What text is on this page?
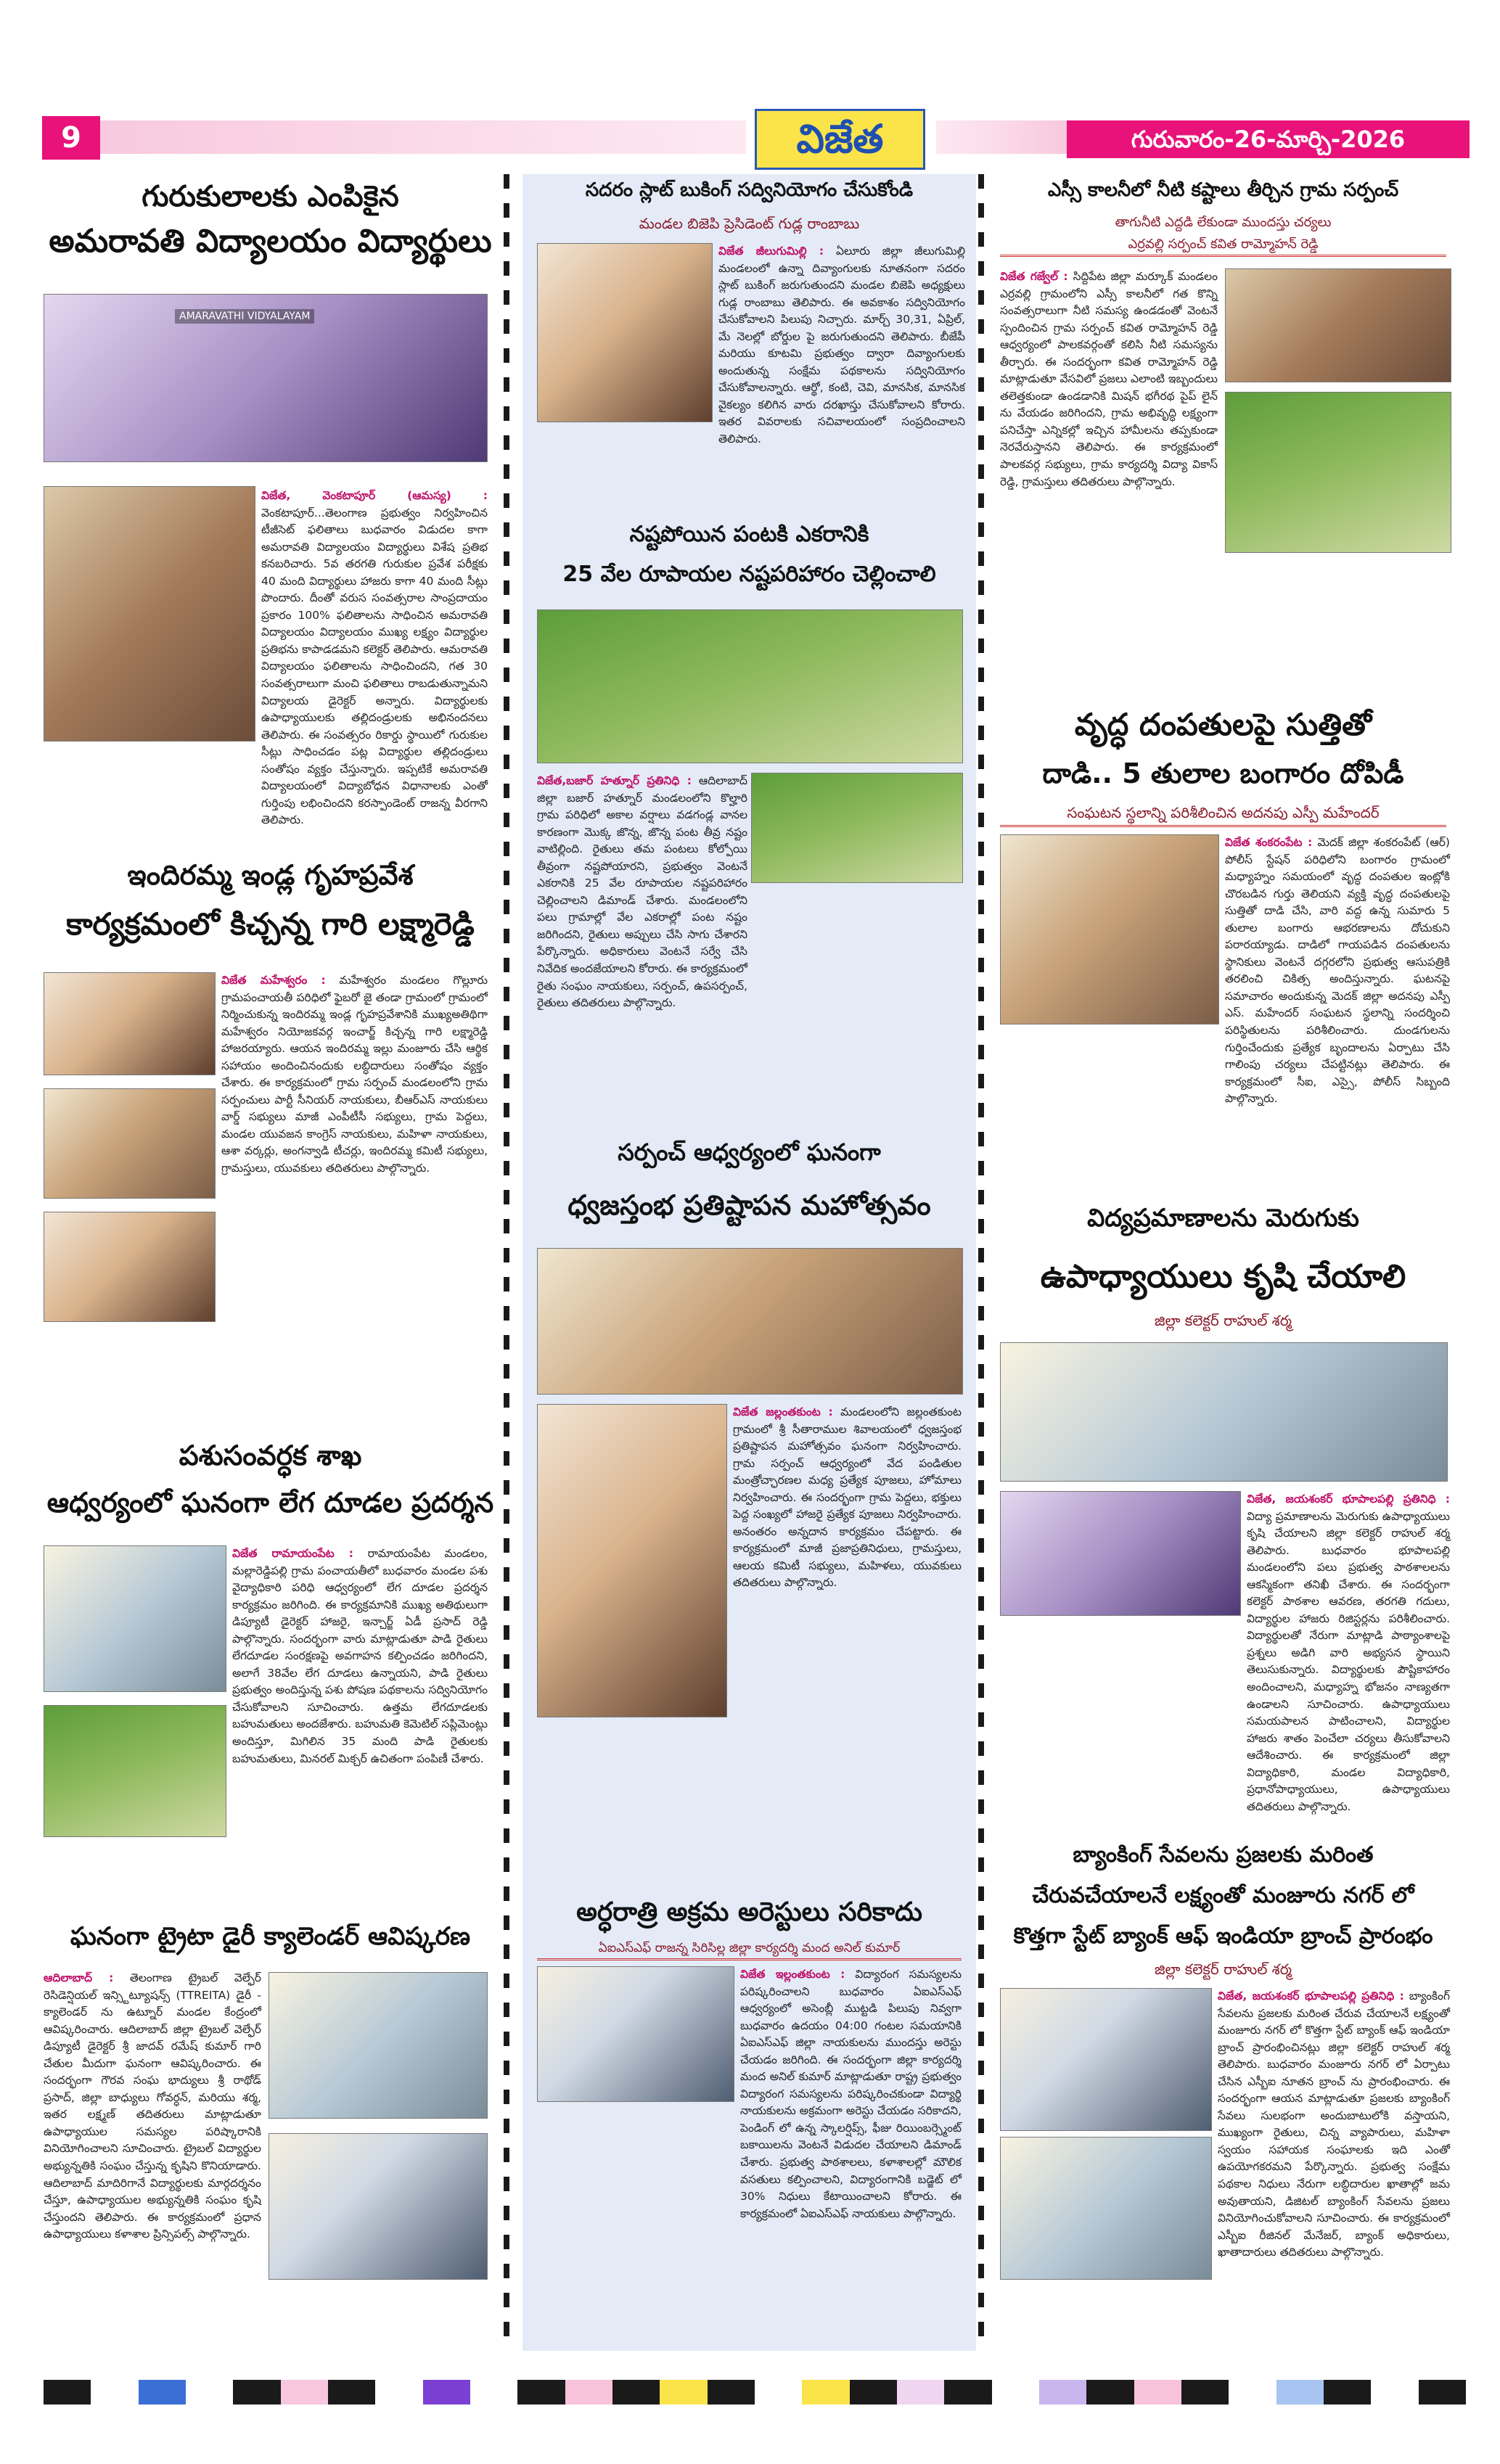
9	విజేత	గురువారం-26-మార్చి-2026
గురుకులాలకు ఎంపికైన
అమరావతి విద్యాలయం విద్యార్థులు
AMARAVATHI VIDYALAYAM
విజేత, వెంకటాపూర్ (ఆమస్య) : వెంకటాపూర్...తెలంగాణ ప్రభుత్వం నిర్వహించిన టీజీసెట్ ఫలితాలు బుధవారం విడుదల కాగా అమరావతి విద్యాలయం విద్యార్థులు విశేష ప్రతిభ కనబరిచారు. 5వ తరగతి గురుకుల ప్రవేశ పరీక్షకు 40 మంది విద్యార్థులు హాజరు కాగా 40 మంది సీట్లు పొందారు. దీంతో వరుస సంవత్సరాల సాంప్రదాయం ప్రకారం 100% ఫలితాలను సాధించిన అమరావతి విద్యాలయం విద్యాలయం ముఖ్య లక్ష్యం విద్యార్థుల ప్రతిభను కాపాడడమని కలెక్టర్ తెలిపారు. ఆమరావతి విద్యాలయం ఫలితాలను సాధించిందని, గత 30 సంవత్సరాలుగా మంచి ఫలితాలు రాబడుతున్నామని విద్యాలయ డైరెక్టర్ అన్నారు. విద్యార్థులకు ఉపాధ్యాయులకు తల్లిదండ్రులకు అభినందనలు తెలిపారు. ఈ సంవత్సరం రికార్డు స్థాయిలో గురుకుల సీట్లు సాధించడం పట్ల విద్యార్థుల తల్లిదండ్రులు సంతోషం వ్యక్తం చేస్తున్నారు. ఇప్పటికే అమరావతి విద్యాలయంలో విద్యాబోధన విధానాలకు ఎంతో గుర్తింపు లభించిందని కరస్పాండెంట్ రాజన్న వీరగాని తెలిపారు.
ఇందిరమ్మ ఇండ్ల గృహప్రవేశ
కార్యక్రమంలో కిచ్చన్న గారి లక్ష్మారెడ్డి
విజేత మహేశ్వరం : మహేశ్వరం మండలం గొల్లూరు గ్రామపంచాయతీ పరిధిలో ఫైబరో జై తండా గ్రామంలో గ్రామంలో నిర్మించుకున్న ఇందిరమ్మ ఇండ్ల గృహప్రవేశానికి ముఖ్యఅతిథిగా మహేశ్వరం నియోజకవర్గ ఇంచార్జ్ కిచ్చన్న గారి లక్ష్మారెడ్డి హాజరయ్యారు. ఆయన ఇందిరమ్మ ఇల్లు మంజూరు చేసి ఆర్థిక సహాయం అందించినందుకు లబ్ధిదారులు సంతోషం వ్యక్తం చేశారు. ఈ కార్యక్రమంలో గ్రామ సర్పంచ్ మండలంలోని గ్రామ సర్పంచులు పార్టీ సీనియర్ నాయకులు, బీఆర్ఎస్ నాయకులు వార్డ్ సభ్యులు మాజీ ఎంపీటీసీ సభ్యులు, గ్రామ పెద్దలు, మండల యువజన కాంగ్రెస్ నాయకులు, మహిళా నాయకులు, ఆశా వర్కర్లు, అంగన్వాడి టీచర్లు, ఇందిరమ్మ కమిటీ సభ్యులు, గ్రామస్తులు, యువకులు తదితరులు పాల్గొన్నారు.
పశుసంవర్ధక శాఖ
ఆధ్వర్యంలో ఘనంగా లేగ దూడల ప్రదర్శన
విజేత రామాయంపేట : రామాయంపేట మండలం, మల్లారెడ్డిపల్లి గ్రామ పంచాయతీలో బుధవారం మండల పశు వైద్యాధికారి పరిధి ఆధ్వర్యంలో లేగ దూడల ప్రదర్శన కార్యక్రమం జరిగింది. ఈ కార్యక్రమానికి ముఖ్య అతిథులుగా డిప్యూటీ డైరెక్టర్ హాజరై, ఇన్చార్జ్ ఏడీ ప్రసాద్ రెడ్డి పాల్గొన్నారు. సందర్భంగా వారు మాట్లాడుతూ పాడి రైతులు లేగదూడల సంరక్షణపై అవగాహన కల్పించడం జరిగిందని, అలాగే 38వేల లేగ దూడలు ఉన్నాయని, పాడి రైతులు ప్రభుత్వం అందిస్తున్న పశు పోషణ పథకాలను సద్వినియోగం చేసుకోవాలని సూచించారు. ఉత్తమ లేగదూడలకు బహుమతులు అందజేశారు. బహుమతి కెమెటిల్ సప్లిమెంట్లు అందిస్తూ, మిగిలిన 35 మంది పాడి రైతులకు బహుమతులు, మినరల్ మిక్చర్ ఉచితంగా పంపిణీ చేశారు.
ఘనంగా ట్రైటా డైరీ క్యాలెండర్ ఆవిష్కరణ
ఆదిలాబాద్ : తెలంగాణ ట్రైబల్ వెల్ఫేర్ రెసిడెన్షియల్ ఇన్స్టిట్యూషన్స్ (TTREITA) డైరీ - క్యాలెండర్ ను ఉట్నూర్ మండల కేంద్రంలో ఆవిష్కరించారు. ఆదిలాబాద్ జిల్లా ట్రైబల్ వెల్ఫేర్ డిప్యూటీ డైరెక్టర్ శ్రీ జాదవ్ రమేష్ కుమార్ గారి చేతుల మీదుగా ఘనంగా ఆవిష్కరించారు. ఈ సందర్భంగా గౌరవ సంఘ భాద్యులు శ్రీ రాథోడ్ ప్రసాద్, జిల్లా బాధ్యులు గోవర్ధన్, మరియు శర్మ, ఇతర లక్ష్మణ్ తదితరులు మాట్లాడుతూ ఉపాధ్యాయుల సమస్యల పరిష్కారానికి వినియోగించాలని సూచించారు. ట్రైబల్ విద్యార్థుల అభ్యున్నతికి సంఘం చేస్తున్న కృషిని కొనియాడారు. ఆదిలాబాద్ మాదిరిగానే విద్యార్థులకు మార్గదర్శనం చేస్తూ, ఉపాధ్యాయుల అభ్యున్నతికి సంఘం కృషి చేస్తుందని తెలిపారు. ఈ కార్యక్రమంలో ప్రధాన ఉపాధ్యాయులు కళాశాల ప్రిన్సిపల్స్ పాల్గొన్నారు.
సదరం స్లాట్ బుకింగ్ సద్వినియోగం చేసుకోండి
మండల బిజెపి ప్రెసిడెంట్ గుడ్ల రాంబాబు
విజేత జీలుగుమిల్లి : ఏలూరు జిల్లా జీలుగుమిల్లి మండలంలో ఉన్నా దివ్యాంగులకు నూతనంగా సదరం స్లాట్ బుకింగ్ జరుగుతుందని మండల బిజెపి అధ్యక్షులు గుడ్ల రాంబాబు తెలిపారు. ఈ అవకాశం సద్వినియోగం చేసుకోవాలని పిలుపు నిచ్చారు. మార్చ్ 30,31, ఏప్రిల్, మే నెలల్లో బోర్డుల పై జరుగుతుందని తెలిపారు. బీజేపీ మరియు కూటమి ప్రభుత్వం ద్వారా దివ్యాంగులకు అందుతున్న సంక్షేమ పథకాలను సద్వినియోగం చేసుకోవాలన్నారు. ఆర్థో, కంటి, చెవి, మానసిక, మానసిక వైకల్యం కలిగిన వారు దరఖాస్తు చేసుకోవాలని కోరారు. ఇతర వివరాలకు సచివాలయంలో సంప్రదించాలని తెలిపారు.
నష్టపోయిన పంటకి ఎకరానికి
25 వేల రూపాయల నష్టపరిహారం చెల్లించాలి
విజేత,బజార్ హత్నూర్ ప్రతినిధి : ఆదిలాబాద్ జిల్లా బజార్ హత్నూర్ మండలంలోని కొల్హారి గ్రామ పరిధిలో అకాల వర్షాలు వడగండ్ల వానల కారణంగా మొక్క జొన్న, జొన్న పంట తీవ్ర నష్టం వాటిల్లింది. రైతులు తమ పంటలు కోల్పోయి తీవ్రంగా నష్టపోయారని, ప్రభుత్వం వెంటనే ఎకరానికి 25 వేల రూపాయల నష్టపరిహారం చెల్లించాలని డిమాండ్ చేశారు. మండలంలోని పలు గ్రామాల్లో వేల ఎకరాల్లో పంట నష్టం జరిగిందని, రైతులు అప్పులు చేసి సాగు చేశారని పేర్కొన్నారు. అధికారులు వెంటనే సర్వే చేసి నివేదిక అందజేయాలని కోరారు. ఈ కార్యక్రమంలో రైతు సంఘం నాయకులు, సర్పంచ్, ఉపసర్పంచ్, రైతులు తదితరులు పాల్గొన్నారు.
సర్పంచ్ ఆధ్వర్యంలో ఘనంగా
ధ్వజస్తంభ ప్రతిష్టాపన మహోత్సవం
విజేత జల్లంతకుంట : మండలంలోని జల్లంతకుంట గ్రామంలో శ్రీ సీతారాముల శివాలయంలో ధ్వజస్తంభ ప్రతిష్టాపన మహోత్సవం ఘనంగా నిర్వహించారు. గ్రామ సర్పంచ్ ఆధ్వర్యంలో వేద పండితుల మంత్రోచ్ఛారణల మధ్య ప్రత్యేక పూజలు, హోమాలు నిర్వహించారు. ఈ సందర్భంగా గ్రామ పెద్దలు, భక్తులు పెద్ద సంఖ్యలో హాజరై ప్రత్యేక పూజలు నిర్వహించారు. అనంతరం అన్నదాన కార్యక్రమం చేపట్టారు. ఈ కార్యక్రమంలో మాజీ ప్రజాప్రతినిధులు, గ్రామస్తులు, ఆలయ కమిటీ సభ్యులు, మహిళలు, యువకులు తదితరులు పాల్గొన్నారు.
అర్ధరాత్రి అక్రమ అరెస్టులు సరికాదు
ఏఐఎస్ఎఫ్ రాజన్న సిరిసిల్ల జిల్లా కార్యదర్శి మంద అనిల్ కుమార్
విజేత ఇల్లంతకుంట : విద్యారంగ సమస్యలను పరిష్కరించాలని బుధవారం ఏఐఎస్ఎఫ్ ఆధ్వర్యంలో అసెంబ్లీ ముట్టడి పిలుపు నివ్వగా బుధవారం ఉదయం 04:00 గంటల సమయానికి ఏఐఎస్ఎఫ్ జిల్లా నాయకులను ముందస్తు అరెస్టు చేయడం జరిగింది. ఈ సందర్భంగా జిల్లా కార్యదర్శి మంద అనిల్ కుమార్ మాట్లాడుతూ రాష్ట్ర ప్రభుత్వం విద్యారంగ సమస్యలను పరిష్కరించకుండా విద్యార్థి నాయకులను అక్రమంగా అరెస్టు చేయడం సరికాదని, పెండింగ్ లో ఉన్న స్కాలర్షిప్స్, ఫీజు రియింబర్స్మెంట్ బకాయిలను వెంటనే విడుదల చేయాలని డిమాండ్ చేశారు. ప్రభుత్వ పాఠశాలలు, కళాశాలల్లో మౌలిక వసతులు కల్పించాలని, విద్యారంగానికి బడ్జెట్ లో 30% నిధులు కేటాయించాలని కోరారు. ఈ కార్యక్రమంలో ఏఐఎస్ఎఫ్ నాయకులు పాల్గొన్నారు.
ఎస్సీ కాలనీలో నీటి కష్టాలు తీర్చిన గ్రామ సర్పంచ్
తాగునీటి ఎద్దడి లేకుండా ముందస్తు చర్యలు
ఎర్రవల్లి సర్పంచ్ కవిత రామ్మోహన్ రెడ్డి
విజేత గజ్వేల్ : సిద్దిపేట జిల్లా మర్కూక్ మండలం ఎర్రవల్లి గ్రామంలోని ఎస్సీ కాలనీలో గత కొన్ని సంవత్సరాలుగా నీటి సమస్య ఉండడంతో వెంటనే స్పందించిన గ్రామ సర్పంచ్ కవిత రామ్మోహన్ రెడ్డి ఆధ్వర్యంలో పాలకవర్గంతో కలిసి నీటి సమస్యను తీర్చారు. ఈ సందర్భంగా కవిత రామ్మోహన్ రెడ్డి మాట్లాడుతూ వేసవిలో ప్రజలు ఎలాంటి ఇబ్బందులు తలెత్తకుండా ఉండడానికి మిషన్ భగీరథ పైప్ లైన్ ను వేయడం జరిగిందని, గ్రామ అభివృద్ధి లక్ష్యంగా పనిచేస్తా ఎన్నికల్లో ఇచ్చిన హామీలను తప్పకుండా నెరవేరుస్తానని తెలిపారు. ఈ కార్యక్రమంలో పాలకవర్గ సభ్యులు, గ్రామ కార్యదర్శి విద్యా వికాస్ రెడ్డి, గ్రామస్తులు తదితరులు పాల్గొన్నారు.
వృద్ధ దంపతులపై సుత్తితో
దాడి.. 5 తులాల బంగారం దోపిడీ
సంఘటన స్థలాన్ని పరిశీలించిన అదనపు ఎస్పీ మహేందర్
విజేత శంకరంపేట : మెదక్ జిల్లా శంకరంపేట్ (ఆర్) పోలీస్ స్టేషన్ పరిధిలోని బంగారం గ్రామంలో మధ్యాహ్నం సమయంలో వృద్ధ దంపతుల ఇంట్లోకి చొరబడిన గుర్తు తెలియని వ్యక్తి వృద్ధ దంపతులపై సుత్తితో దాడి చేసి, వారి వద్ద ఉన్న సుమారు 5 తులాల బంగారు ఆభరణాలను దోచుకుని పరారయ్యాడు. దాడిలో గాయపడిన దంపతులను స్థానికులు వెంటనే దగ్గరలోని ప్రభుత్వ ఆసుపత్రికి తరలించి చికిత్స అందిస్తున్నారు. ఘటనపై సమాచారం అందుకున్న మెదక్ జిల్లా అదనపు ఎస్పీ ఎస్. మహేందర్ సంఘటన స్థలాన్ని సందర్శించి పరిస్థితులను పరిశీలించారు. దుండగులను గుర్తించేందుకు ప్రత్యేక బృందాలను ఏర్పాటు చేసి గాలింపు చర్యలు చేపట్టినట్లు తెలిపారు. ఈ కార్యక్రమంలో సీఐ, ఎస్సై, పోలీస్ సిబ్బంది పాల్గొన్నారు.
విద్యప్రమాణాలను మెరుగుకు
ఉపాధ్యాయులు కృషి చేయాలి
జిల్లా కలెక్టర్ రాహుల్ శర్మ
విజేత, జయశంకర్ భూపాలపల్లి ప్రతినిధి : విద్యా ప్రమాణాలను మెరుగుకు ఉపాధ్యాయులు కృషి చేయాలని జిల్లా కలెక్టర్ రాహుల్ శర్మ తెలిపారు. బుధవారం భూపాలపల్లి మండలంలోని పలు ప్రభుత్వ పాఠశాలలను ఆకస్మికంగా తనిఖీ చేశారు. ఈ సందర్భంగా కలెక్టర్ పాఠశాల ఆవరణ, తరగతి గదులు, విద్యార్థుల హాజరు రిజిస్టర్లను పరిశీలించారు. విద్యార్థులతో నేరుగా మాట్లాడి పాఠ్యాంశాలపై ప్రశ్నలు అడిగి వారి అభ్యసన స్థాయిని తెలుసుకున్నారు. విద్యార్థులకు పౌష్టికాహారం అందించాలని, మధ్యాహ్న భోజనం నాణ్యతగా ఉండాలని సూచించారు. ఉపాధ్యాయులు సమయపాలన పాటించాలని, విద్యార్థుల హాజరు శాతం పెంచేలా చర్యలు తీసుకోవాలని ఆదేశించారు. ఈ కార్యక్రమంలో జిల్లా విద్యాధికారి, మండల విద్యాధికారి, ప్రధానోపాధ్యాయులు, ఉపాధ్యాయులు తదితరులు పాల్గొన్నారు.
బ్యాంకింగ్ సేవలను ప్రజలకు మరింత
చేరువచేయాలనే లక్ష్యంతో మంజూరు నగర్ లో
కొత్తగా స్టేట్ బ్యాంక్ ఆఫ్ ఇండియా బ్రాంచ్ ప్రారంభం
జిల్లా కలెక్టర్ రాహుల్ శర్మ
విజేత, జయశంకర్ భూపాలపల్లి ప్రతినిధి : బ్యాంకింగ్ సేవలను ప్రజలకు మరింత చేరువ చేయాలనే లక్ష్యంతో మంజూరు నగర్ లో కొత్తగా స్టేట్ బ్యాంక్ ఆఫ్ ఇండియా బ్రాంచ్ ప్రారంభించినట్లు జిల్లా కలెక్టర్ రాహుల్ శర్మ తెలిపారు. బుధవారం మంజూరు నగర్ లో ఏర్పాటు చేసిన ఎస్బీఐ నూతన బ్రాంచ్ ను ప్రారంభించారు. ఈ సందర్భంగా ఆయన మాట్లాడుతూ ప్రజలకు బ్యాంకింగ్ సేవలు సులభంగా అందుబాటులోకి వస్తాయని, ముఖ్యంగా రైతులు, చిన్న వ్యాపారులు, మహిళా స్వయం సహాయక సంఘాలకు ఇది ఎంతో ఉపయోగకరమని పేర్కొన్నారు. ప్రభుత్వ సంక్షేమ పథకాల నిధులు నేరుగా లబ్ధిదారుల ఖాతాల్లో జమ అవుతాయని, డిజిటల్ బ్యాంకింగ్ సేవలను ప్రజలు వినియోగించుకోవాలని సూచించారు. ఈ కార్యక్రమంలో ఎస్బీఐ రీజినల్ మేనేజర్, బ్యాంక్ అధికారులు, ఖాతాదారులు తదితరులు పాల్గొన్నారు.
